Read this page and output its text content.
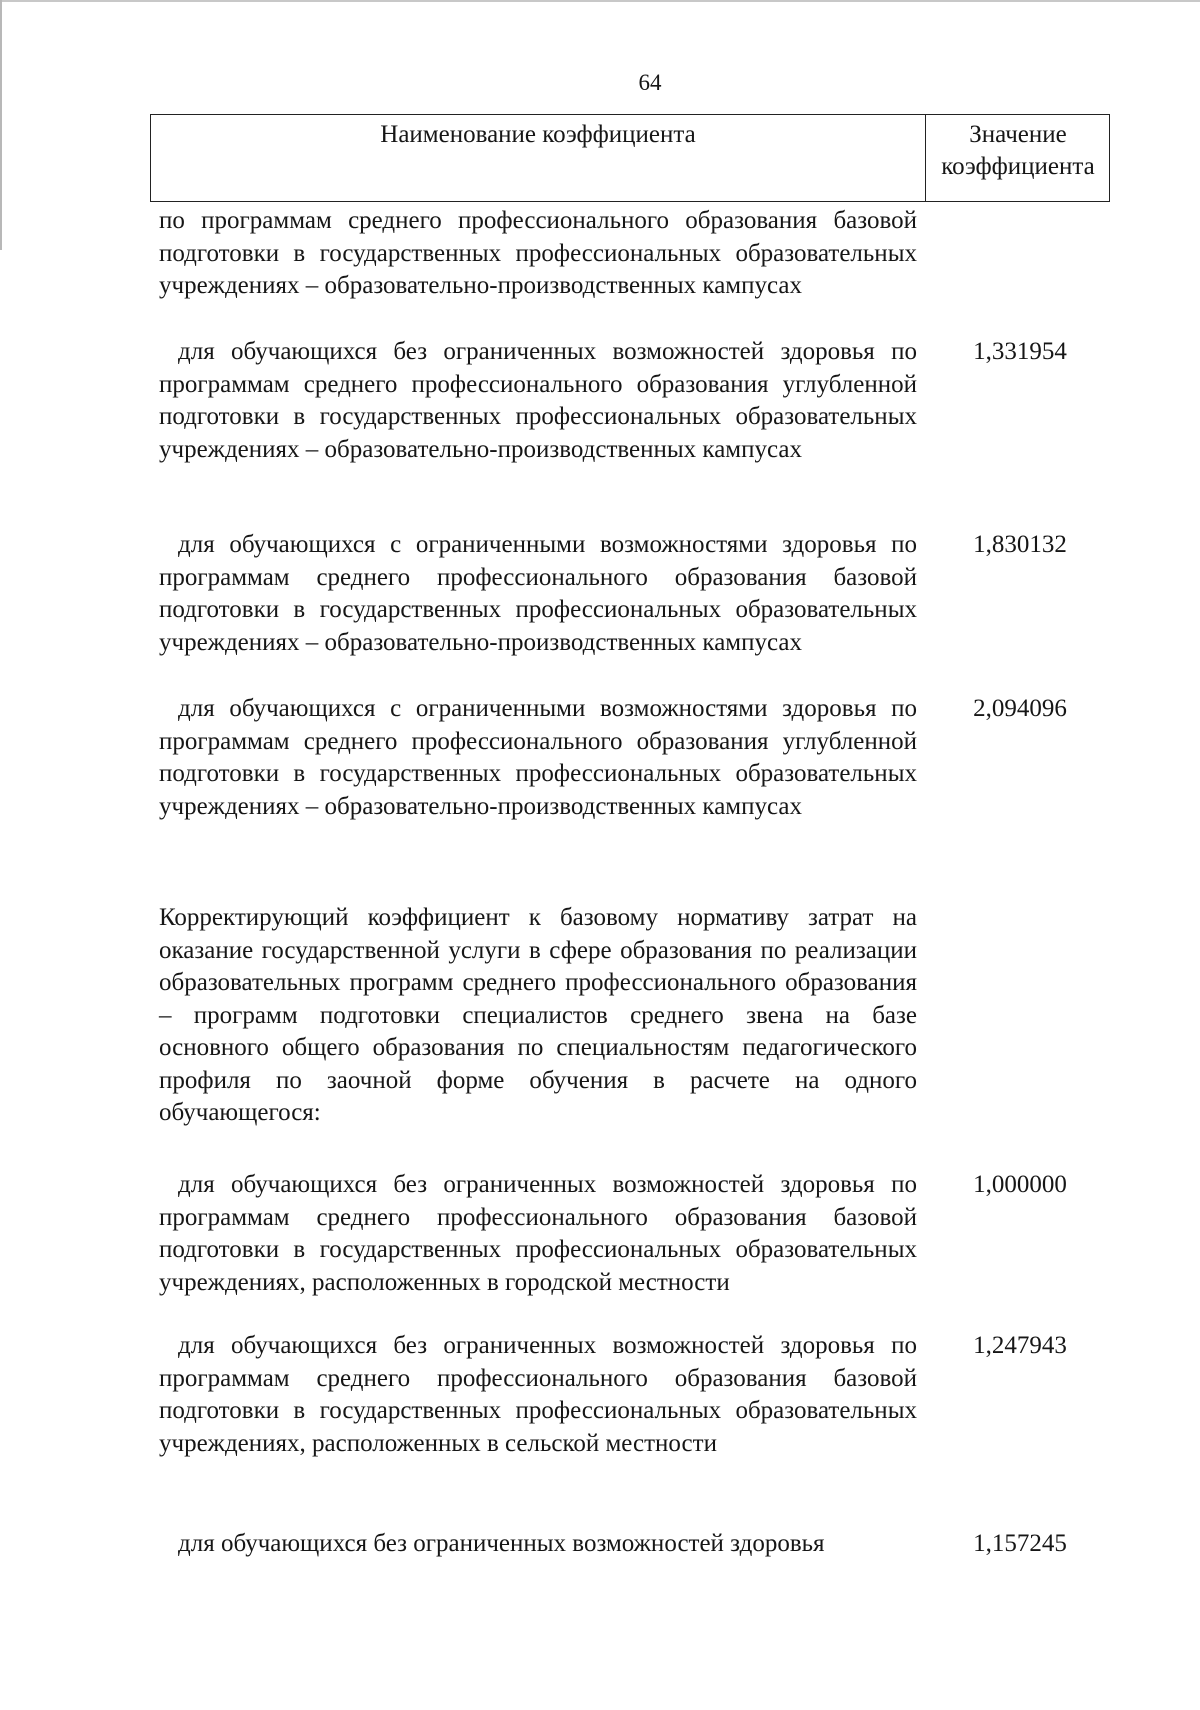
64
Наименование коэффициента	Значение
коэффициента
по программам среднего профессионального образования базовой подготовки в государственных профессиональных образовательных учреждениях – образовательно-производственных кампусах
для обучающихся без ограниченных возможностей здоровья по программам среднего профессионального образования углубленной подготовки в государственных профессиональных образовательных учреждениях – образовательно-производственных кампусах
1,331954
для обучающихся с ограниченными возможностями здоровья по программам среднего профессионального образования базовой подготовки в государственных профессиональных образовательных учреждениях – образовательно-производственных кампусах
1,830132
для обучающихся с ограниченными возможностями здоровья по программам среднего профессионального образования углубленной подготовки в государственных профессиональных образовательных учреждениях – образовательно-производственных кампусах
2,094096
Корректирующий коэффициент к базовому нормативу затрат на оказание государственной услуги в сфере образования по реализации образовательных программ среднего профессионального образования – программ подготовки специалистов среднего звена на базе основного общего образования по специальностям педагогического профиля по заочной форме обучения в расчете на одного обучающегося:
для обучающихся без ограниченных возможностей здоровья по программам среднего профессионального образования базовой подготовки в государственных профессиональных образовательных учреждениях, расположенных в городской местности
1,000000
для обучающихся без ограниченных возможностей здоровья по программам среднего профессионального образования базовой подготовки в государственных профессиональных образовательных учреждениях, расположенных в сельской местности
1,247943
для обучающихся без ограниченных возможностей здоровья	1,157245
